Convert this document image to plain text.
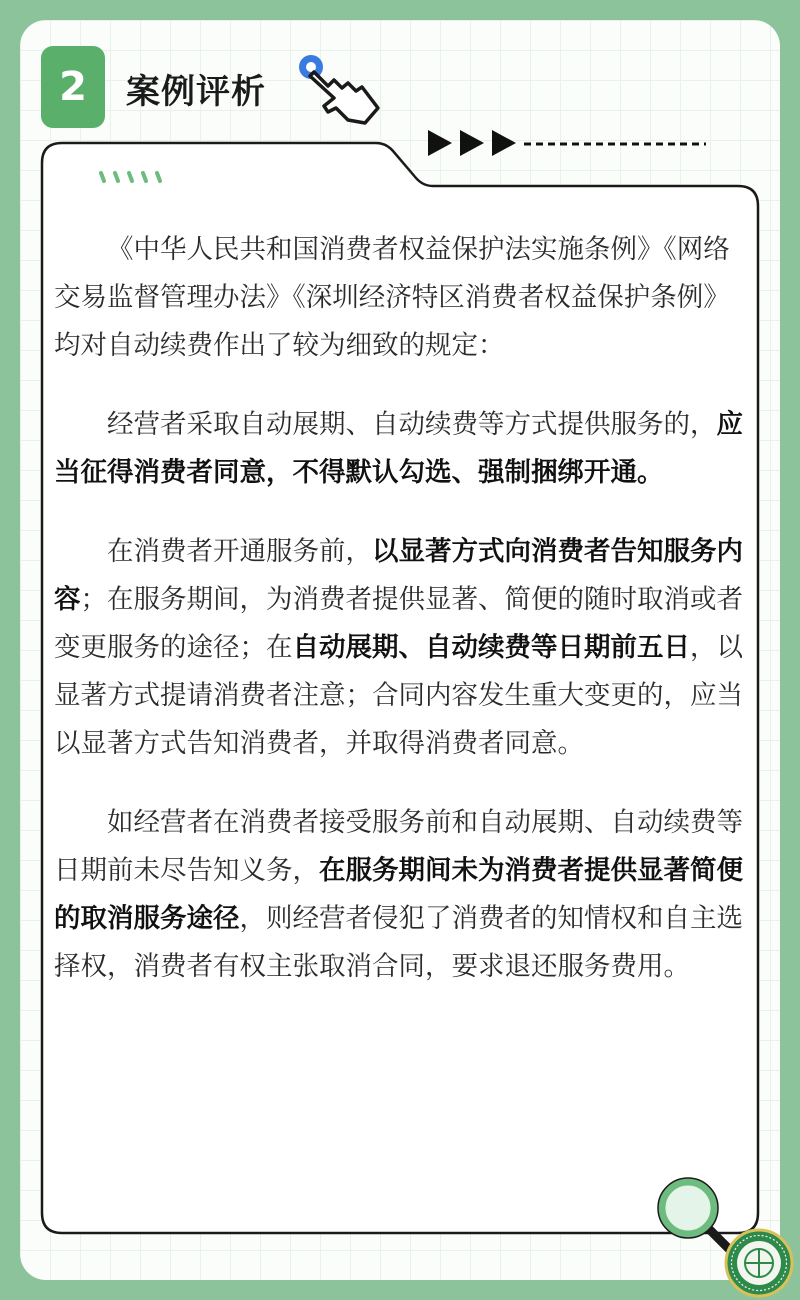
2	案例评析

《中华人民共和国消费者权益保护法实施条例》《网络交易监督管理办法》《深圳经济特区消费者权益保护条例》均对自动续费作出了较为细致的规定：

经营者采取自动展期、自动续费等方式提供服务的，应当征得消费者同意，不得默认勾选、强制捆绑开通。

在消费者开通服务前，以显著方式向消费者告知服务内容；在服务期间，为消费者提供显著、简便的随时取消或者变更服务的途径；在自动展期、自动续费等日期前五日，以显著方式提请消费者注意；合同内容发生重大变更的，应当以显著方式告知消费者，并取得消费者同意。

如经营者在消费者接受服务前和自动展期、自动续费等日期前未尽告知义务，在服务期间未为消费者提供显著简便的取消服务途径，则经营者侵犯了消费者的知情权和自主选择权，消费者有权主张取消合同，要求退还服务费用。
